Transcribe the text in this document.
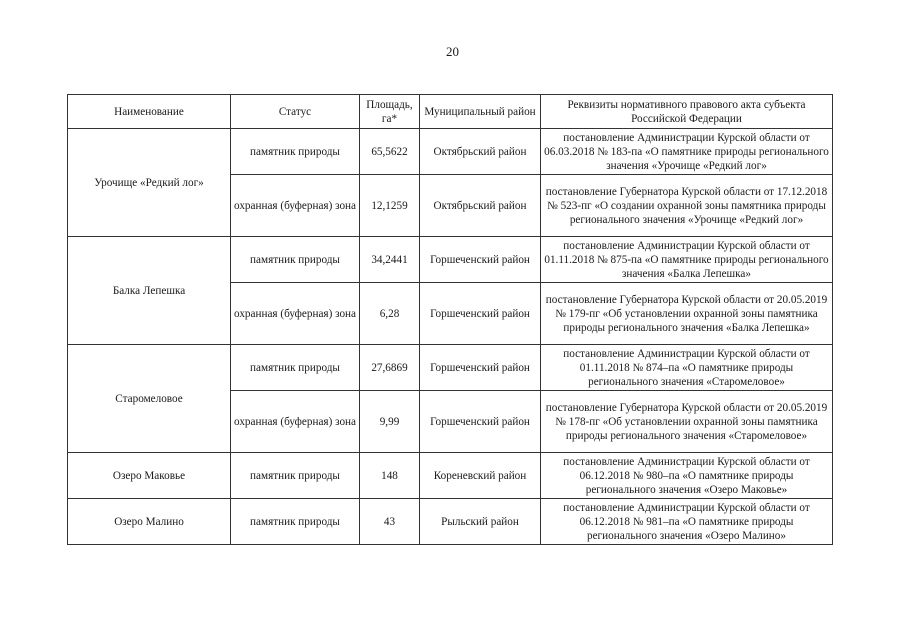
20
Наименование	Статус	Площадь, га*	Муниципальный район	Реквизиты нормативного правового акта субъекта Российской Федерации
Урочище «Редкий лог»	памятник природы	65,5622	Октябрьский район	постановление Администрации Курской области от 06.03.2018 № 183-па «О памятнике природы регионального значения «Урочище «Редкий лог»
	охранная (буферная) зона	12,1259	Октябрьский район	постановление Губернатора Курской области от 17.12.2018 № 523-пг «О создании охранной зоны памятника природы регионального значения «Урочище «Редкий лог»
Балка Лепешка	памятник природы	34,2441	Горшеченский район	постановление Администрации Курской области от 01.11.2018 № 875-па «О памятнике природы регионального значения «Балка Лепешка»
	охранная (буферная) зона	6,28	Горшеченский район	постановление Губернатора Курской области от 20.05.2019 № 179-пг «Об установлении охранной зоны памятника природы регионального значения «Балка Лепешка»
Старомеловое	памятник природы	27,6869	Горшеченский район	постановление Администрации Курской области от 01.11.2018 № 874–па «О памятнике природы регионального значения «Старомеловое»
	охранная (буферная) зона	9,99	Горшеченский район	постановление Губернатора Курской области от 20.05.2019 № 178-пг «Об установлении охранной зоны памятника природы регионального значения «Старомеловое»
Озеро Маковье	памятник природы	148	Кореневский район	постановление Администрации Курской области от 06.12.2018 № 980–па «О памятнике природы регионального значения «Озеро Маковье»
Озеро Малино	памятник природы	43	Рыльский район	постановление Администрации Курской области от 06.12.2018 № 981–па «О памятнике природы регионального значения «Озеро Малино»
